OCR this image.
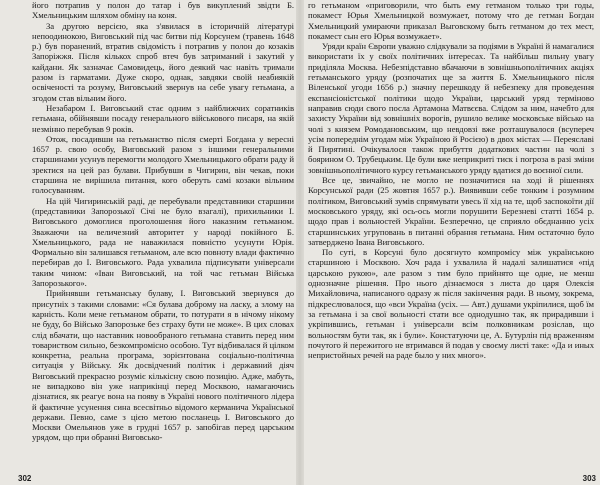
його потрапив у полон до татар і був викуплений звідти Б. Хмельницьким шляхом обміну на коня.

За другою версією, яка з'явилася в історичній літературі непоодинокою, Виговський під час битви під Корсунем (травень 1648 р.) був поранений, втратив свідомість і потрапив у полон до козаків Запоріжжя. Після кількох спроб втеч був затриманий і закутий у кайдани. Як зазначає Самовидець, його деякий час навіть тримали разом із гарматами. Дуже скоро, однак, завдяки своїй неабиякій освіченості та розуму, Виговський звернув на себе увагу гетьмана, а згодом став вільним його.

Незабаром І. Виговський стає одним з найближчих соратників гетьмана, обійнявши посаду генерального військового писаря, на якій незмінно перебував 9 років.

Отож, посадивши на гетьманство після смерті Богдана у вересні 1657 р. свою особу, Виговський разом з іншими генеральними старшинами усунув перемогти молодого Хмельницького обрати раду й зректися на цей раз булави. Прибувши в Чигирин, він чекав, поки старшина не вирішила питання, кого оберуть самі козаки вільним голосуванням.

На цій Чигиринській раді, де перебували представники старшини (представники Запорозької Січі не було взагалі), прихильники І. Виговського домоглися проголошення його наказним гетьманом. Зважаючи на величезний авторитет у народі покійного Б. Хмельницького, рада не наважилася повністю усунути Юрія. Формально він залишався гетьманом, але всю повноту влади фактично перебирав до І. Виговського. Рада ухвалила підписувати універсали таким чином: «Іван Виговський, на той час гетьман Війська Запорозького».

Прийнявши гетьманську булаву, І. Виговський звернувся до присутніх з такими словами: «Ся булава доброму на ласку, а злому на карність. Коли мене гетьманом обрати, то потурати я в нічому нікому не буду, бо Військо Запорозьке без страху бути не може». В цих словах слід вбачати, що наставник новообраного гетьмана ставить перед ним товариством сильно, безкомпромісно особою. Тут відбивалася й цілком конкретна, реальна програма, зорієнтована соціально-політична ситуація у Війську. Як досвідчений політик і державний діяч Виговський прекрасно розуміє кількісну свою позицію. Адже, мабуть, не випадково він уже наприкінці перед Москвою, намагаючись дізнатися, як реагує вона на появу в Україні нового політичного лідера й фактичне усунення сина всесвітньо відомого керманича Української держави. Певно, саме з цією метою посланець І. Виговського до Москви Омельянов уже в грудні 1657 р. запобігав перед царським урядом, що при обранні Виговсько-

302

го гетьманом «приговорили, что быть ему гетманом только три годы, покамест Юрья Хмельницкой возмужает, потому что де гетман Богдан Хмельницкий умираючи приказал Выговскому быть гетманом до тех мест, покамест сын его Юрья возмужает».

Уряди країн Європи уважно слідкували за подіями в Україні й намагалися використати їх у своїх політичних інтересах. Та найбільш пильну увагу приділяла Москва. Небезпідставно вбачаючи в зовнішньополітичних акціях гетьманського уряду (розпочатих ще за життя Б. Хмельницького після Віленської угоди 1656 р.) значну перешкоду й небезпеку для проведення експансіоністської політики щодо України, царський уряд терміново направив сюди свого посла Артамона Матвєєва. Слідом за ним, начебто для захисту України від зовнішніх ворогів, рушило велике московське військо на чолі з князем Ромодановським, що невдовзі вже розташувалося (всупереч усім попереднім угодам між Україною й Росією) в двох містах — Переяславі й Пирятині. Очікувалося також прибуття додаткових частин на чолі з боярином О. Трубецьким. Це були вже неприкриті тиск і погроза в разі зміни зовнішньополітичного курсу гетьманського уряду вдатися до воєнної сили.

Все це, звичайно, не могло не позначитися на ході й рішеннях Корсунської ради (25 жовтня 1657 р.). Виявивши себе тонким і розумним політиком, Виговський зумів спрямувати увесь її хід на те, щоб заспокоїти дії московського уряду, які ось-ось могли порушити Березневі статті 1654 р. щодо прав і вольностей України. Безперечно, це сприяло обєднанню усіх старшинських угруповань в питанні обрання гетьмана. Ним остаточно було затверджено Івана Виговського.

По суті, в Корсуні було досягнуто компромісу між українською старшиною і Москвою. Хоч рада і ухвалила й надалі залишатися «під царською рукою», але разом з тим було прийнято ще одне, не менш однозначне рішення. Про нього дізнаємося з листа до царя Олексія Михайловича, написаного одразу ж після закінчення ради. В ньому, зокрема, підкреслювалося, що «вси Україна (усіх. — Авт.) душами укріпилися, щоб їм за гетьмана і за свої вольності стати все однодушно так, як прирадивши і укріпившись, гетьман і універсали всім полковникам розіслав, що вольностям бути так, як і були». Констатуючи це, А. Бутурлін під враженням почутого й пережитого не втримався й подав у своєму листі таке: «Да и иных непристойных речей на раде было у них много».

303
